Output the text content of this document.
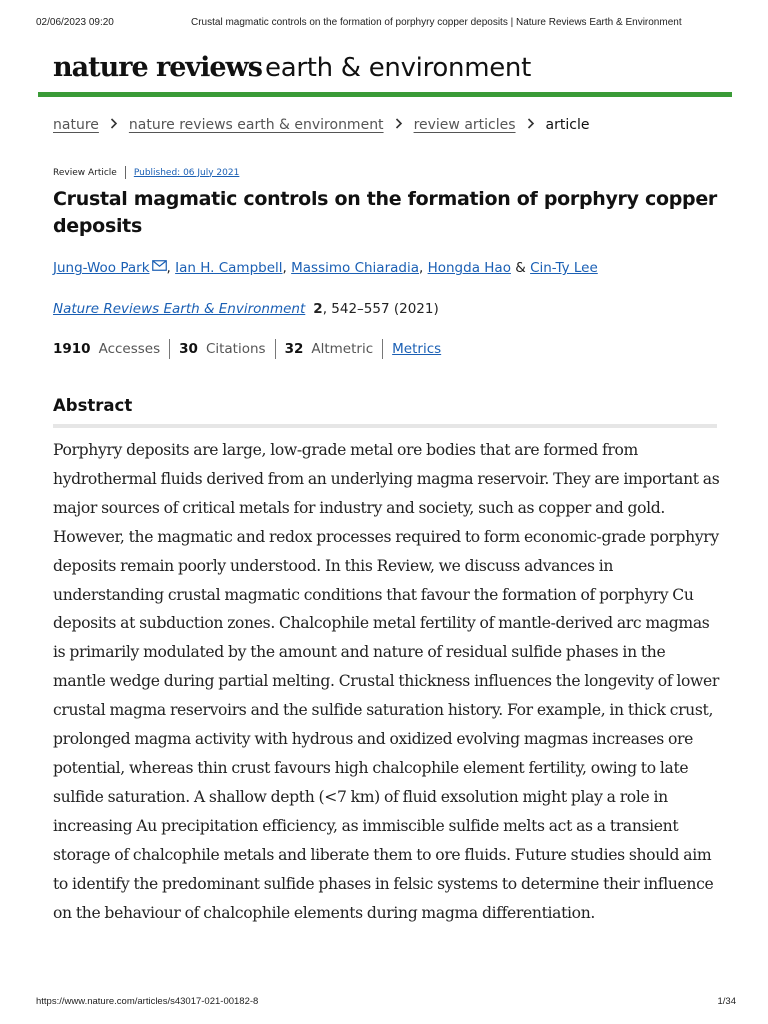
02/06/2023 09:20	Crustal magmatic controls on the formation of porphyry copper deposits | Nature Reviews Earth & Environment
nature reviews earth & environment
nature nature reviews earth & environment review articles article
Review Article Published: 06 July 2021
Crustal magmatic controls on the formation of porphyry copper deposits
Jung-Woo Park , Ian H. Campbell, Massimo Chiaradia, Hongda Hao & Cin-Ty Lee
Nature Reviews Earth & Environment 2, 542–557 (2021)
1910 Accesses 30 Citations 32 Altmetric Metrics
Abstract

Porphyry deposits are large, low-grade metal ore bodies that are formed from hydrothermal fluids derived from an underlying magma reservoir. They are important as major sources of critical metals for industry and society, such as copper and gold. However, the magmatic and redox processes required to form economic-grade porphyry deposits remain poorly understood. In this Review, we discuss advances in understanding crustal magmatic conditions that favour the formation of porphyry Cu deposits at subduction zones. Chalcophile metal fertility of mantle-derived arc magmas is primarily modulated by the amount and nature of residual sulfide phases in the mantle wedge during partial melting. Crustal thickness influences the longevity of lower crustal magma reservoirs and the sulfide saturation history. For example, in thick crust, prolonged magma activity with hydrous and oxidized evolving magmas increases ore potential, whereas thin crust favours high chalcophile element fertility, owing to late sulfide saturation. A shallow depth (<7 km) of fluid exsolution might play a role in increasing Au precipitation efficiency, as immiscible sulfide melts act as a transient storage of chalcophile metals and liberate them to ore fluids. Future studies should aim to identify the predominant sulfide phases in felsic systems to determine their influence on the behaviour of chalcophile elements during magma differentiation.

https://www.nature.com/articles/s43017-021-00182-8	1/34
